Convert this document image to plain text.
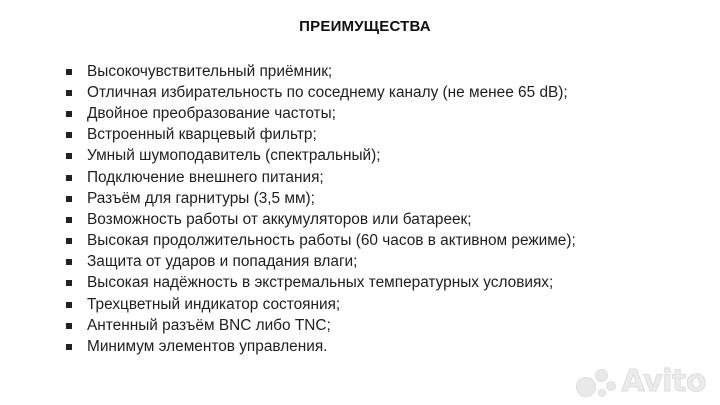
ПРЕИМУЩЕСТВА
Высокочувствительный приёмник;
Отличная избирательность по соседнему каналу (не менее 65 dB);
Двойное преобразование частоты;
Встроенный кварцевый фильтр;
Умный шумоподавитель (спектральный);
Подключение внешнего питания;
Разъём для гарнитуры (3,5 мм);
Возможность работы от аккумуляторов или батареек;
Высокая продолжительность работы (60 часов в активном режиме);
Защита от ударов и попадания влаги;
Высокая надёжность в экстремальных температурных условиях;
Трехцветный индикатор состояния;
Антенный разъём BNC либо TNC;
Минимум элементов управления.
Avito
